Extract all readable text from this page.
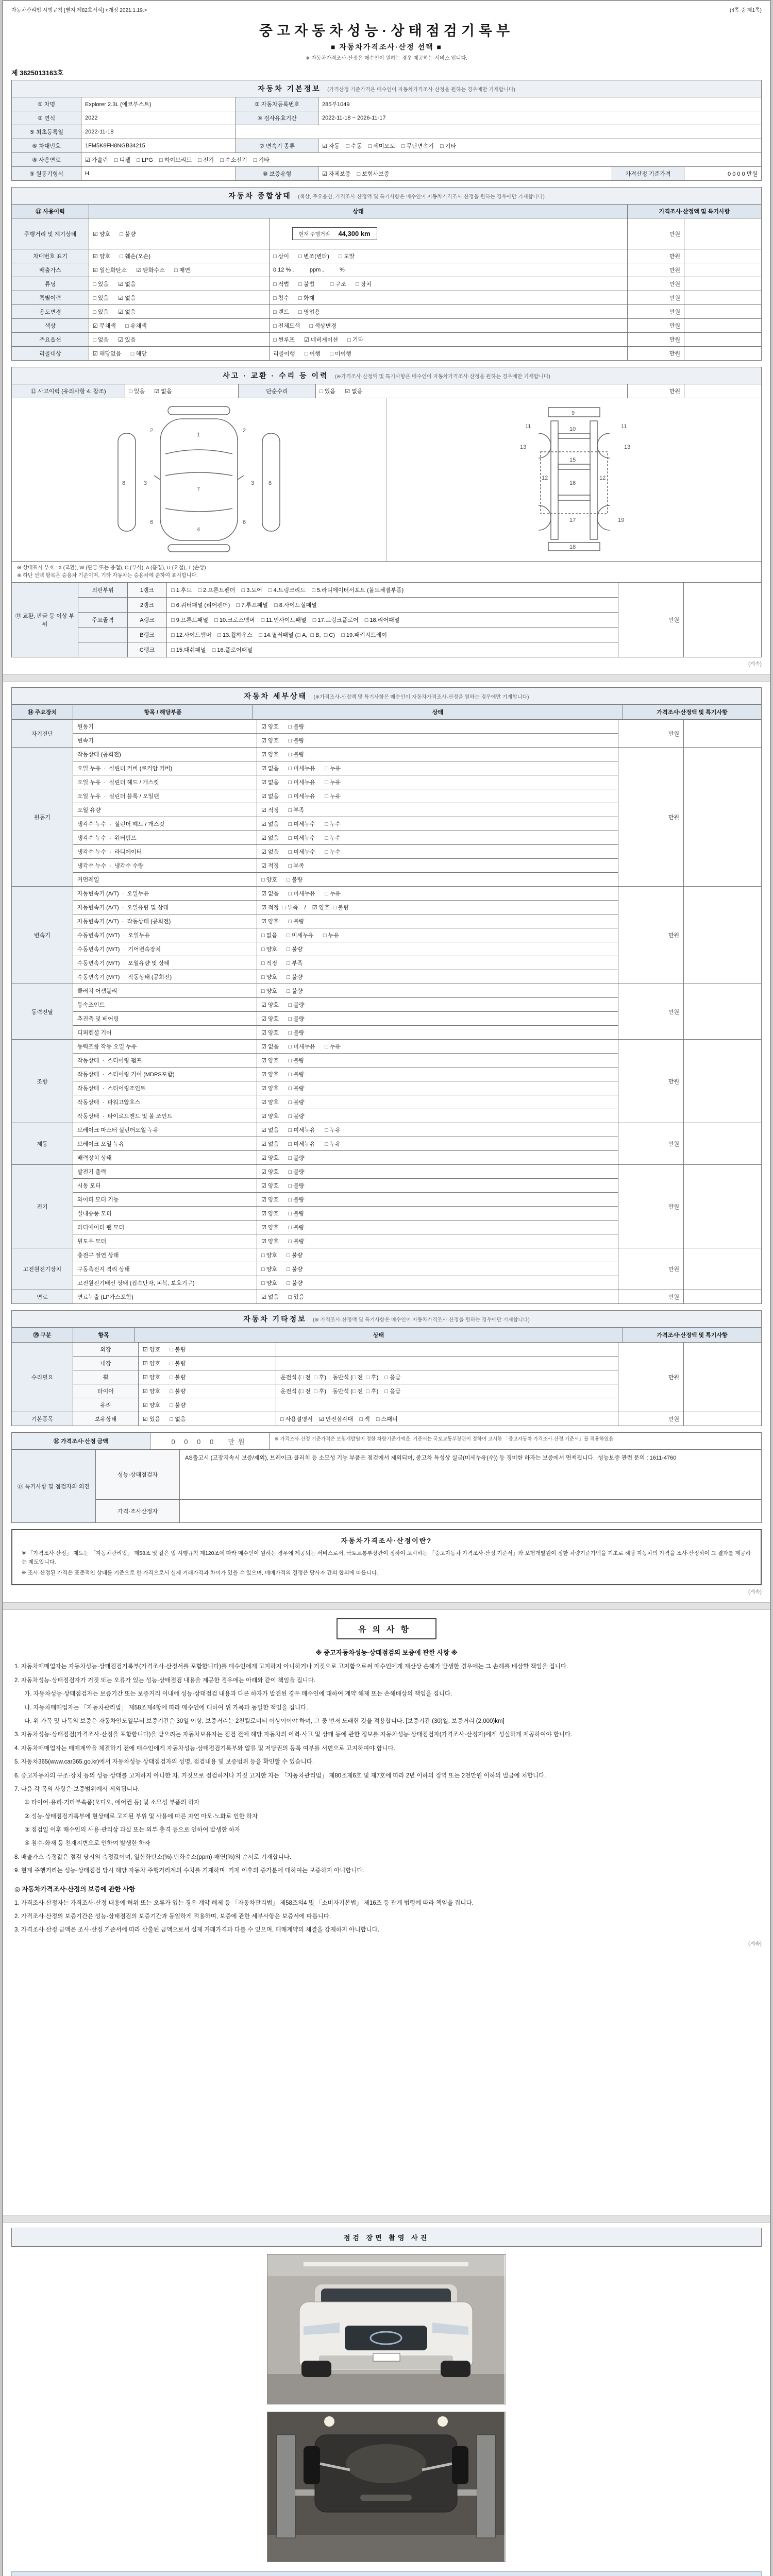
자동차관리법 시행규칙 [별지 제82호서식] <개정 2021.1.19.>	(4쪽 중 제1쪽)
중고자동차성능·상태점검기록부
■ 자동차가격조사·산정 선택 ■
※ 자동차가격조사·산정은 매수인이 원하는 경우 제공하는 서비스 입니다.
제 3625013163호
자동차 기본정보 (가격산정 기준가격은 매수인이 자동차가격조사·산정을 원하는 경우에만 기재합니다)
① 차명	Explorer 2.3L (에코부스트)	③ 자동차등록번호	285부1049		
② 연식	2022	④ 검사유효기간	2022-11-18 ~ 2026-11-17		
⑤ 최초등록일	2022-11-18				
⑥ 차대번호	1FM5K8FH8NGB34215	⑦ 변속기 종류	☑ 자동    □ 수동    □ 세미오토    □ 무단변속기    □ 기타		
⑧ 사용연료	☑ 가솔린    □ 디젤    □ LPG    □ 하이브리드    □ 전기    □ 수소전기    □ 기타				
⑨ 원동기형식	H	⑩ 보증유형	☑ 자체보증    □ 보험사보증	가격산정 기준가격	0 0 0 0 만원
자동차 종합상태 (색상, 주요옵션, 가격조사·산정액 및 특기사항은 매수인이 자동차가격조사·산정을 원하는 경우에만 기재합니다)
⑪ 사용이력	상태		가격조사·산정액 및 특기사항	
주행거리 및 계기상태	☑ 양호      □ 불량	현재 주행거리 44,300 km	만원	
차대번호 표기	☑ 양호      □ 훼손(오손)	□ 상이      □ 변조(변타)      □ 도말	만원	
배출가스	☑ 일산화탄소      ☑ 탄화수소      □ 매연	0.12 % ,          ppm ,          %	만원	
튜닝	□ 있음      ☑ 없음	□ 적법      □ 불법          □ 구조      □ 장치	만원	
특별이력	□ 있음      ☑ 없음	□ 침수      □ 화재	만원	
용도변경	□ 있음      ☑ 없음	□ 렌트      □ 영업용	만원	
색상	☑ 무채색      □ 유채색	□ 전체도색      □ 색상변경	만원	
주요옵션	□ 없음      ☑ 있음	□ 썬루프      ☑ 네비게이션      □ 기타	만원	
리콜대상	☑ 해당없음      □ 해당	리콜이행      □ 이행      □ 미이행	만원	
사고 · 교환 · 수리 등 이력 (※가격조사·산정액 및 특기사항은 매수인이 자동차가격조사·산정을 원하는 경우에만 기재합니다)
⑫ 사고이력 (유의사항 4. 참조)	□ 있음      ☑ 없음	단순수리	□ 있음      ☑ 없음	만원	
1
2	2
3	3
4
6	6
7
8	8
9
10
11	11
12	12
13	13
15
16
17
18
19
※ 상태표시 부호 : X (교환), W (판금 또는 용접), C (부식), A (흠집), U (요철), T (손상)
※ 하단 선택 항목은 승용차 기준이며, 기타 자동차는 승용차에 준하여 표시합니다.
⑬ 교환, 판금 등 이상 부위
외판부위	1랭크	□ 1.후드    □ 2.프론트펜더    □ 3.도어    □ 4.트렁크리드    □ 5.라디에이터서포트 (볼트체결부품)
2랭크	□ 6.쿼터패널 (리어펜더)    □ 7.루프패널    □ 8.사이드실패널
주요골격	A랭크	□ 9.프론트패널    □ 10.크로스멤버    □ 11.인사이드패널    □ 17.트렁크플로어    □ 18.리어패널
B랭크	□ 12.사이드멤버    □ 13.휠하우스    □ 14.필러패널 (□ A,  □ B,  □ C)    □ 19.패키지트레이
C랭크	□ 15.대쉬패널    □ 16.플로어패널
만원
(계속)
자동차 세부상태 (※가격조사·산정액 및 특기사항은 매수인이 자동차가격조사·산정을 원하는 경우에만 기재합니다)
⑭ 주요장치	항목 / 해당부품	상태	가격조사·산정액 및 특기사항
자기진단
원동기	☑ 양호      □ 불량
변속기	☑ 양호      □ 불량
만원
원동기
작동상태 (공회전)	☑ 양호      □ 불량
오일 누유  ·  실린더 커버 (로커암 커버)	☑ 없음      □ 미세누유      □ 누유
오일 누유  ·  실린더 헤드 / 개스킷	☑ 없음      □ 미세누유      □ 누유
오일 누유  ·  실린더 블록 / 오일팬	☑ 없음      □ 미세누유      □ 누유
오일 유량	☑ 적정      □ 부족
냉각수 누수  ·  실린더 헤드 / 개스킷	☑ 없음      □ 미세누수      □ 누수
냉각수 누수  ·  워터펌프	☑ 없음      □ 미세누수      □ 누수
냉각수 누수  ·  라디에이터	☑ 없음      □ 미세누수      □ 누수
냉각수 누수  ·  냉각수 수량	☑ 적정      □ 부족
커먼레일	□ 양호      □ 불량
만원
변속기
자동변속기 (A/T)  ·  오일누유	☑ 없음      □ 미세누유      □ 누유
자동변속기 (A/T)  ·  오일유량 및 상태	☑ 적정  □ 부족    /    ☑ 양호  □ 불량
자동변속기 (A/T)  ·  작동상태 (공회전)	☑ 양호      □ 불량
수동변속기 (M/T)  ·  오일누유	□ 없음      □ 미세누유      □ 누유
수동변속기 (M/T)  ·  기어변속장치	□ 양호      □ 불량
수동변속기 (M/T)  ·  오일유량 및 상태	□ 적정      □ 부족
수동변속기 (M/T)  ·  작동상태 (공회전)	□ 양호      □ 불량
만원
동력전달
클러치 어셈블리	□ 양호      □ 불량
등속조인트	☑ 양호      □ 불량
추진축 및 베어링	☑ 양호      □ 불량
디퍼렌셜 기어	☑ 양호      □ 불량
만원
조향
동력조향 작동 오일 누유	☑ 없음      □ 미세누유      □ 누유
작동상태  ·  스티어링 펌프	☑ 양호      □ 불량
작동상태  ·  스티어링 기어 (MDPS포함)	☑ 양호      □ 불량
작동상태  ·  스티어링조인트	☑ 양호      □ 불량
작동상태  ·  파워고압호스	☑ 양호      □ 불량
작동상태  ·  타이로드엔드 및 볼 조인트	☑ 양호      □ 불량
만원
제동
브레이크 마스터 실린더오일 누유	☑ 없음      □ 미세누유      □ 누유
브레이크 오일 누유	☑ 없음      □ 미세누유      □ 누유
배력장치 상태	☑ 양호      □ 불량
만원
전기
발전기 출력	☑ 양호      □ 불량
시동 모터	☑ 양호      □ 불량
와이퍼 모터 기능	☑ 양호      □ 불량
실내송풍 모터	☑ 양호      □ 불량
라디에이터 팬 모터	☑ 양호      □ 불량
윈도우 모터	☑ 양호      □ 불량
만원
고전원전기장치
충전구 절연 상태	□ 양호      □ 불량
구동축전지 격리 상태	□ 양호      □ 불량
고전원전기배선 상태 (접속단자, 피복, 보호기구)	□ 양호      □ 불량
만원
연료	연료누출 (LP가스포함)	☑ 없음      □ 있음	만원
자동차 기타정보 (※ 가격조사·산정액 및 특기사항은 매수인이 자동차가격조사·산정을 원하는 경우에만 기재합니다)
⑮ 구분	항목	상태	가격조사·산정액 및 특기사항
수리필요
외장	☑ 양호      □ 불량
내장	☑ 양호      □ 불량
휠	☑ 양호      □ 불량	운전석 (□ 전  □ 후)    동반석 (□ 전  □ 후)    □ 응급
타이어	☑ 양호      □ 불량	운전석 (□ 전  □ 후)    동반석 (□ 전  □ 후)    □ 응급
유리	☑ 양호      □ 불량
만원
기본품목	보유상태	☑ 있음      □ 없음	□ 사용설명서    ☑ 안전삼각대    □ 잭    □ 스패너	만원
⑯ 가격조사·산정 금액	0 0 0 0  만원	※ 가격조사·산정 기준가격은 보험개발원이 정한 차량기준가액을, 기준서는 국토교통부장관이 정하여 고시한 「중고자동차 가격조사·산정 기준서」를 적용하였음
⑰ 특기사항 및 점검자의 의견
성능·상태점검자
AS출고시 (고장지속시 보증/제외), 브레이크·클러치 등 소모성 기능 부품은 점검에서 제외되며, 중고차 특성상 실금(미세누유(수)) 등 경미한 하자는 보증에서 면책됩니다.  성능보증 관련 문의 : 1611-4760
가격·조사산정자
자동차가격조사·산정이란?
※ 「가격조사·산정」 제도는 「자동차관리법」 제58조 및 같은 법 시행규칙 제120조에 따라 매수인이 원하는 경우에 제공되는 서비스로서, 국토교통부장관이 정하여 고시하는 「중고자동차 가격조사·산정 기준서」와 보험개발원이 정한 차량기준가액을 기초로 해당 자동차의 가격을 조사·산정하여 그 결과를 제공하는 제도입니다.
※ 조사·산정된 가격은 표준적인 상태를 기준으로 한 가격으로서 실제 거래가격과 차이가 있을 수 있으며, 매매가격의 결정은 당사자 간의 합의에 따릅니다.
(계속)
유의사항
※ 중고자동차성능·상태점검의 보증에 관한 사항 ※

1. 자동차매매업자는 자동차성능·상태점검기록부(가격조사·산정서를 포함합니다)를 매수인에게 고지하지 아니하거나 거짓으로 고지함으로써 매수인에게 재산상 손해가 발생한 경우에는 그 손해를 배상할 책임을 집니다.

2. 자동차성능·상태점검자가 거짓 또는 오류가 있는 성능·상태점검 내용을 제공한 경우에는 아래와 같이 책임을 집니다.

가. 자동차성능·상태점검자는 보증기간 또는 보증거리 이내에 성능·상태점검 내용과 다른 하자가 발견된 경우 매수인에 대하여 계약 해제 또는 손해배상의 책임을 집니다.

나. 자동차매매업자는 「자동차관리법」 제58조제4항에 따라 매수인에 대하여 위 가목과 동일한 책임을 집니다.

다. 위 가목 및 나목의 보증은 자동차인도일부터 보증기간은 30일 이상, 보증거리는 2천킬로미터 이상이어야 하며, 그 중 먼저 도래한 것을 적용합니다. [보증기간 (30)일, 보증거리 (2,000)km]

3. 자동차성능·상태점검(가격조사·산정을 포함합니다)을 받으려는 자동차보유자는 점검 전에 해당 자동차의 이력·사고 및 상태 등에 관한 정보를 자동차성능·상태점검자(가격조사·산정자)에게 성실하게 제공하여야 합니다.

4. 자동차매매업자는 매매계약을 체결하기 전에 매수인에게 자동차성능·상태점검기록부와 압류 및 저당권의 등록 여부를 서면으로 고지하여야 합니다.

5. 자동차365(www.car365.go.kr)에서 자동차성능·상태점검자의 성명, 점검내용 및 보증범위 등을 확인할 수 있습니다.

6. 중고자동차의 구조·장치 등의 성능·상태를 고지하지 아니한 자, 거짓으로 점검하거나 거짓 고지한 자는 「자동차관리법」 제80조제6호 및 제7호에 따라 2년 이하의 징역 또는 2천만원 이하의 벌금에 처합니다.

7. 다음 각 목의 사항은 보증범위에서 제외됩니다.

① 타이어·유리·기타부속품(오디오, 에어컨 등) 및 소모성 부품의 하자

② 성능·상태점검기록부에 현상태로 고지된 부위 및 사용에 따른 자연 마모·노화로 인한 하자

③ 점검일 이후 매수인의 사용·관리상 과실 또는 외부 충격 등으로 인하여 발생한 하자

④ 침수·화재 등 천재지변으로 인하여 발생한 하자

8. 배출가스 측정값은 점검 당시의 측정값이며, 일산화탄소(%)·탄화수소(ppm)·매연(%)의 순서로 기재합니다.

9. 현재 주행거리는 성능·상태점검 당시 해당 자동차 주행거리계의 수치를 기재하며, 기재 이후의 증가분에 대하여는 보증하지 아니합니다.

◎ 자동차가격조사·산정의 보증에 관한 사항

1. 가격조사·산정자는 가격조사·산정 내용에 허위 또는 오류가 있는 경우 계약 해제 등 「자동차관리법」 제58조의4 및 「소비자기본법」 제16조 등 관계 법령에 따라 책임을 집니다.

2. 가격조사·산정의 보증기간은 성능·상태점검의 보증기간과 동일하게 적용하며, 보증에 관한 세부사항은 보증서에 따릅니다.

3. 가격조사·산정 금액은 조사·산정 기준서에 따라 산출된 금액으로서 실제 거래가격과 다를 수 있으며, 매매계약의 체결을 강제하지 아니합니다.

(계속)
점검 장면 촬영 사진
